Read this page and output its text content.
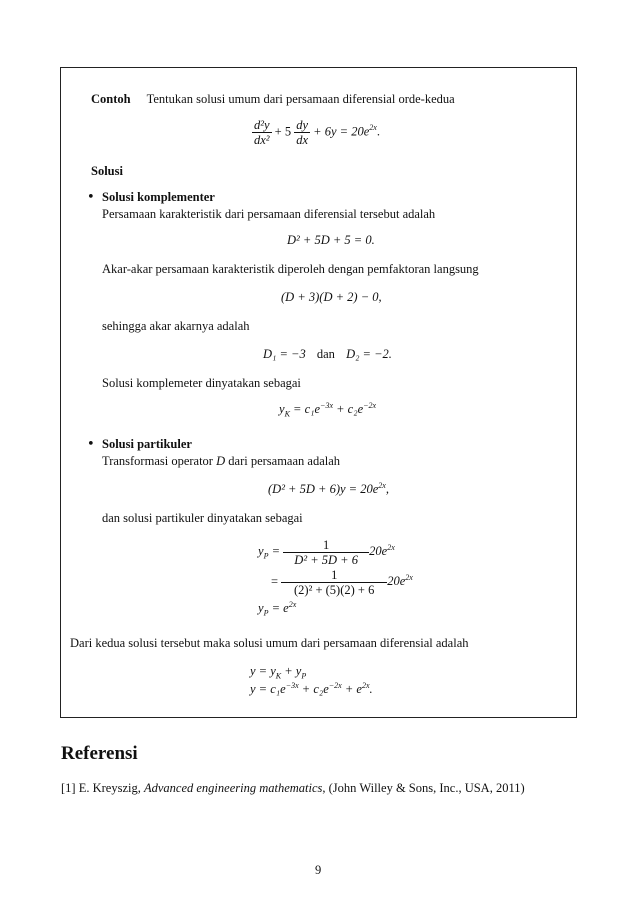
Contoh Tentukan solusi umum dari persamaan diferensial orde-kedua
$\frac{\text{d²y}}{\text{dx²}} + 5 \frac{dy}{dx} + 6y = 20e^{2x}$.
Solusi
• Solusi komplementer
Persamaan karakteristik dari persamaan diferensial tersebut adalah
D² + 5D + 5 = 0.
Akar-akar persamaan karakteristik diperoleh dengan pemfaktoran langsung
(D + 3)(D + 2) − 0,
sehingga akar akarnya adalah
D₁ = −3 dan D₂ = −2.
Solusi komplemeter dinyatakan sebagai
$y_K = c_1e^{-3x} + c_2e^{-2x}$
• Solusi partikuler
Transformasi operator D dari persamaan adalah
$(D^2 + 5D + 6)y = 20e^{2x}$,
dan solusi partikuler dinyatakan sebagai
$y_P = \frac{1}{\text{D² + 5D + 6}} 20e^{2x}$
= $\frac{1}{\text{(2)² + (5)(2) + 6}} 20e^{2x}$
$y_P = e^{2x}$
Dari kedua solusi tersebut maka solusi umum dari persamaan diferensial adalah
$y = y_K + y_P$
$y = c_1e^{-3x} + c_2e^{-2x} + e^{2x}$.
Referensi
[1] E. Kreyszig, Advanced engineering mathematics, (John Willey & Sons, Inc., USA, 2011)
9
